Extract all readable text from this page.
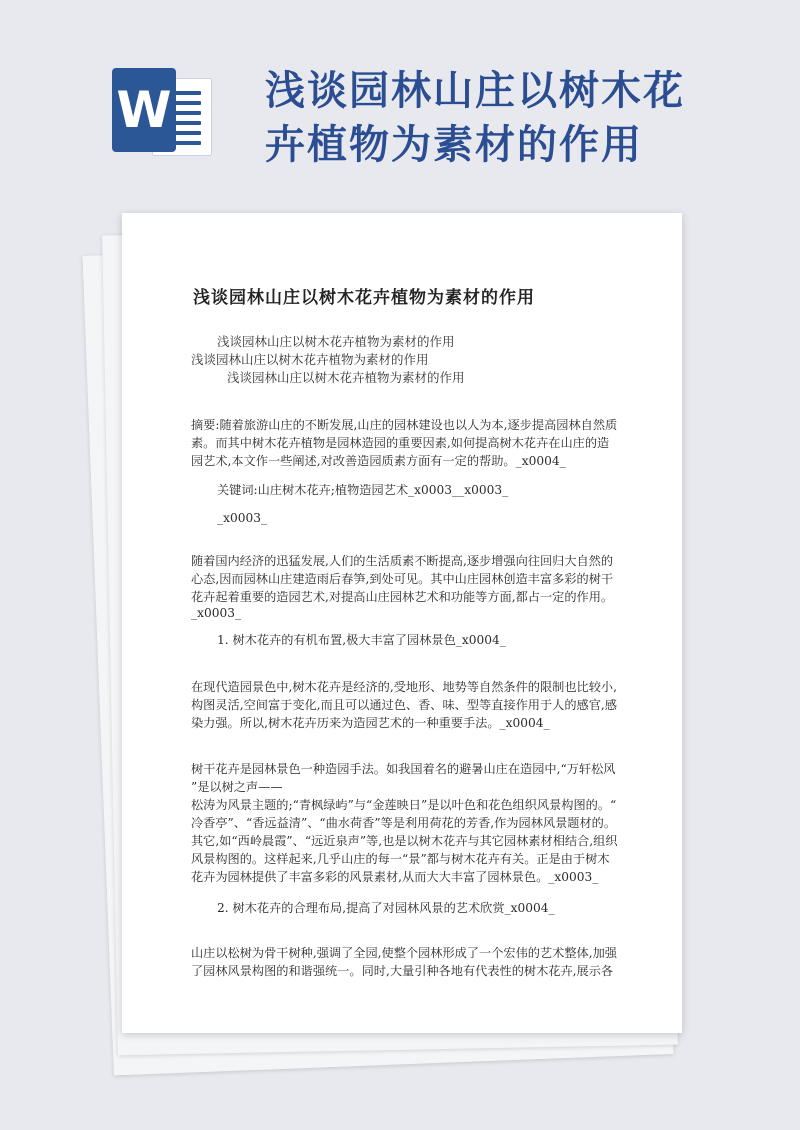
W 浅谈园林山庄以树木花
卉植物为素材的作用
浅谈园林山庄以树木花卉植物为素材的作用
浅谈园林山庄以树木花卉植物为素材的作用
浅谈园林山庄以树木花卉植物为素材的作用
浅谈园林山庄以树木花卉植物为素材的作用
摘要:随着旅游山庄的不断发展,山庄的园林建设也以人为本,逐步提高园林自然质
素。而其中树木花卉植物是园林造园的重要因素,如何提高树木花卉在山庄的造
园艺术,本文作一些阐述,对改善造园质素方面有一定的帮助。_x0004_
关键词:山庄树木花卉;植物造园艺术_x0003__x0003_
_x0003_
随着国内经济的迅猛发展,人们的生活质素不断提高,逐步增强向往回归大自然的
心态,因而园林山庄建造雨后春笋,到处可见。其中山庄园林创造丰富多彩的树干
花卉起着重要的造园艺术,对提高山庄园林艺术和功能等方面,都占一定的作用。
_x0003_
1. 树木花卉的有机布置,极大丰富了园林景色_x0004_
在现代造园景色中,树木花卉是经济的,受地形、地势等自然条件的限制也比较小,
构图灵活,空间富于变化,而且可以通过色、香、味、型等直接作用于人的感官,感
染力强。所以,树木花卉历来为造园艺术的一种重要手法。_x0004_
树干花卉是园林景色一种造园手法。如我国着名的避暑山庄在造园中,“万轩松风
”是以树之声——
松涛为风景主题的;“青枫绿屿”与“金莲映日”是以叶色和花色组织风景构图的。“
冷香亭”、“香远益清”、“曲水荷香”等是利用荷花的芳香,作为园林风景题材的。
其它,如“西岭晨霞”、“远近泉声”等,也是以树木花卉与其它园林素材相结合,组织
风景构图的。这样起来,几乎山庄的每一“景”都与树木花卉有关。正是由于树木
花卉为园林提供了丰富多彩的风景素材,从而大大丰富了园林景色。_x0003_
2. 树木花卉的合理布局,提高了对园林风景的艺术欣赏_x0004_
山庄以松树为骨干树种,强调了全园,使整个园林形成了一个宏伟的艺术整体,加强
了园林风景构图的和谐强统一。同时,大量引种各地有代表性的树木花卉,展示各
